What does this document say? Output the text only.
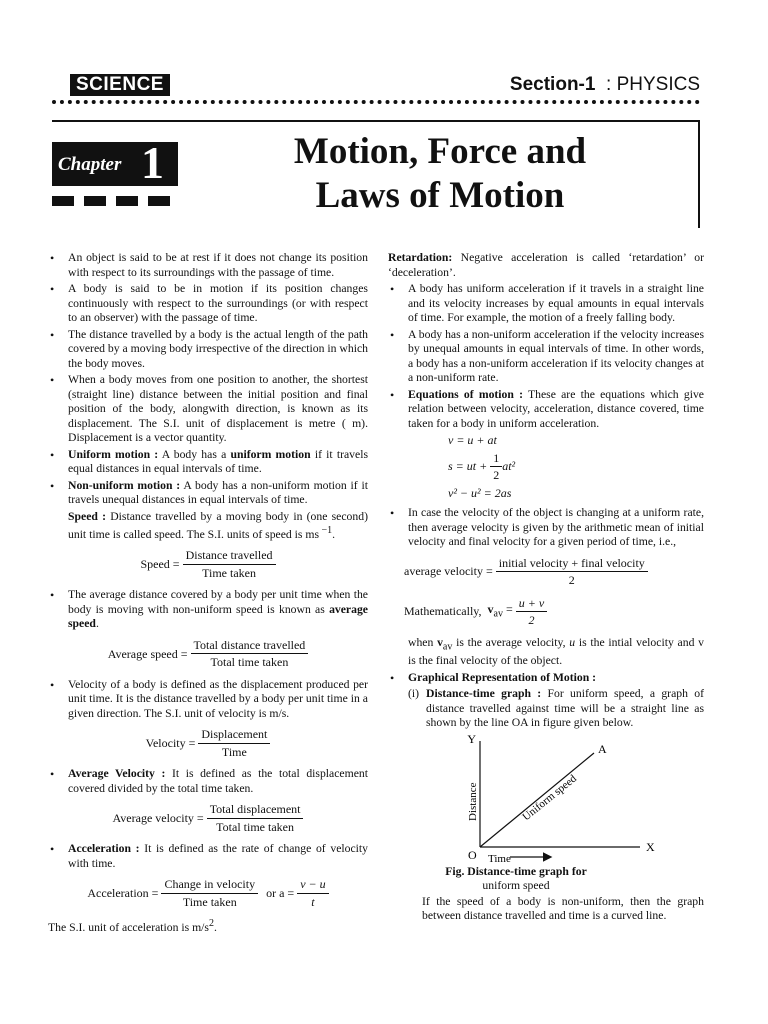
SCIENCE	Section-1 : PHYSICS
Chapter 1	Motion, Force and
Laws of Motion

• An object is said to be at rest if it does not change its position with respect to its surroundings with the passage of time.

• A body is said to be in motion if its position changes continuously with respect to the surroundings (or with respect to an observer) with the passage of time.

• The distance travelled by a body is the actual length of the path covered by a moving body irrespective of the direction in which the body moves.

• When a body moves from one position to another, the shortest (straight line) distance between the initial position and final position of the body, alongwith direction, is known as its displacement. The S.I. unit of displacement is metre ( m). Displacement is a vector quantity.

• Uniform motion : A body has a uniform motion if it travels equal distances in equal intervals of time.

• Non-uniform motion : A body has a non-uniform motion if it travels unequal distances in equal intervals of time.

Speed : Distance travelled by a moving body in (one second) unit time is called speed. The S.I. units of speed is ms $^{-1}$.

Speed = $\frac{\text{Distance travelled}}{\text{Time taken}}$

• The average distance covered by a body per unit time when the body is moving with non-uniform speed is known as average speed.

Average speed = $\frac{\text{Total distance travelled}}{\text{Total time taken}}$

• Velocity of a body is defined as the displacement produced per unit time. It is the distance travelled by a body per unit time in a given direction. The S.I. unit of velocity is m/s.

Velocity = $\frac{\text{Displacement}}{\text{Time}}$

• Average Velocity : It is defined as the total displacement covered divided by the total time taken.

Average velocity = $\frac{\text{Total displacement}}{\text{Total time taken}}$

• Acceleration : It is defined as the rate of change of velocity with time.

Acceleration = $\frac{\text{Change in velocity}}{\text{Time taken}}$ or $a = \frac{v - u}{t}$

The S.I. unit of acceleration is $m/s^2$.

Retardation: Negative acceleration is called ‘retardation’ or ‘deceleration’.

• A body has uniform acceleration if it travels in a straight line and its velocity increases by equal amounts in equal intervals of time. For example, the motion of a freely falling body.

• A body has a non-uniform acceleration if the velocity increases by unequal amounts in equal intervals of time. In other words, a body has a non-uniform acceleration if its velocity changes at a non-uniform rate.

• Equations of motion : These are the equations which give relation between velocity, acceleration, distance covered, time taken for a body in uniform acceleration.

v = u + at
s = ut +
$\frac{1}{2} at^2$
v² − u² = 2as

• In case the velocity of the object is changing at a uniform rate, then average velocity is given by the arithmetic mean of initial velocity and final velocity for a given period of time, i.e.,

average velocity = $\frac{\text{initial velocity + final velocity}}{2}$
Mathematically,
$v_{av} = \frac{u + v}{2}$

when $v_{av}$ is the average velocity, u is the intial velocity and v is the final velocity of the object.

• Graphical Representation of Motion :

(i) Distance-time graph : For uniform speed, a graph of distance travelled against time will be a straight line as shown by the line OA in figure given below.

Y
X
O
A
Time
Distance	Uniform speed
Fig. Distance-time graph for
uniform speed
If the speed of a body is non-uniform, then the graph between distance travelled and time is a curved line.
